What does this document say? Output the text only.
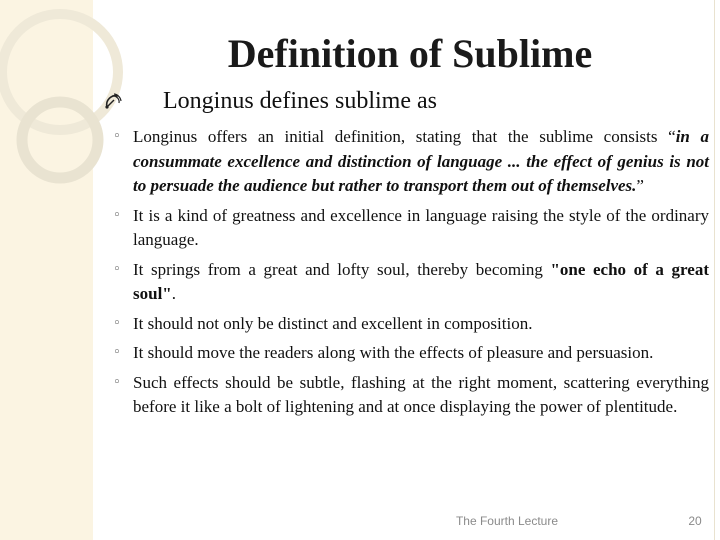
Definition of Sublime
Longinus defines sublime as
◦ Longinus offers an initial definition, stating that the sublime consists “in a consummate excellence and distinction of language ... the effect of genius is not to persuade the audience but rather to transport them out of themselves.”
◦ It is a kind of greatness and excellence in language raising the style of the ordinary language.
◦ It springs from a great and lofty soul, thereby becoming "one echo of a great soul".
◦ It should not only be distinct and excellent in composition.
◦ It should move the readers along with the effects of pleasure and persuasion.
◦ Such effects should be subtle, flashing at the right moment, scattering everything before it like a bolt of lightening and at once displaying the power of plentitude.
The Fourth Lecture	20
